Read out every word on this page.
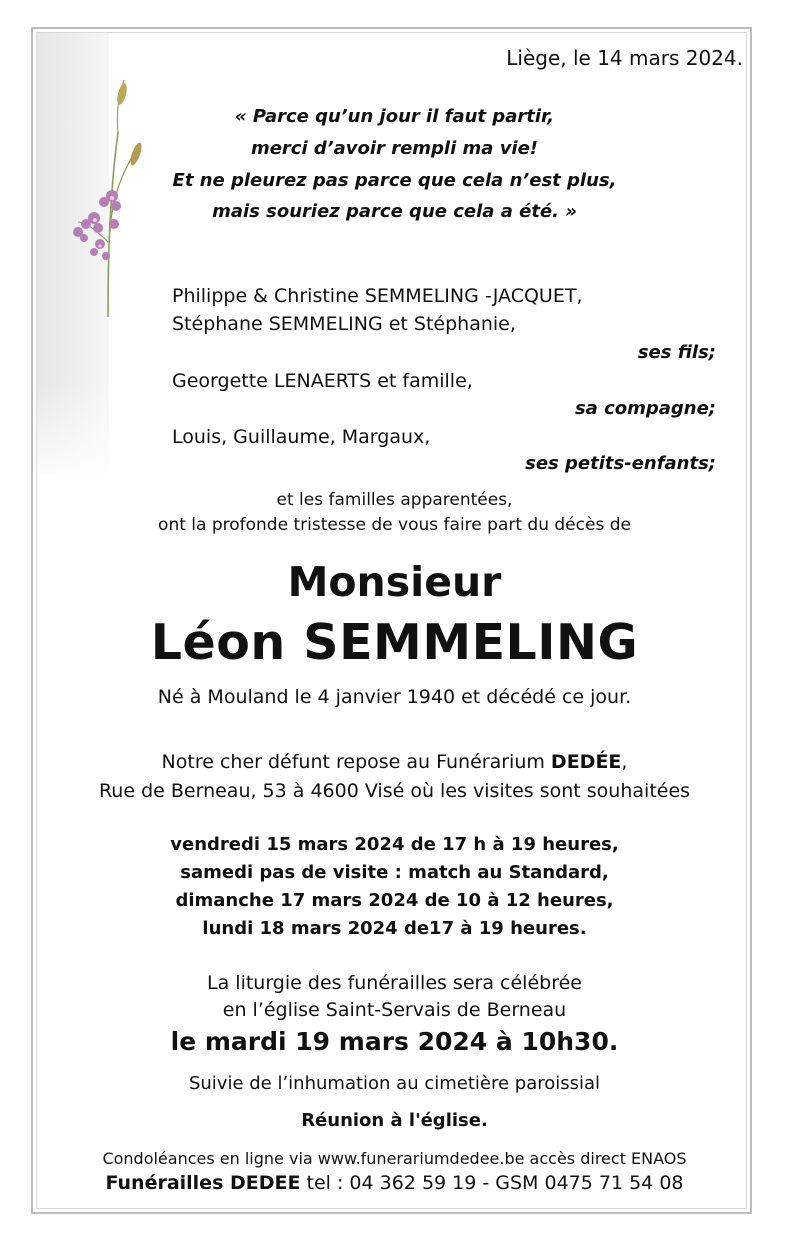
Liège, le 14 mars 2024.
« Parce qu’un jour il faut partir,
merci d’avoir rempli ma vie!
Et ne pleurez pas parce que cela n’est plus,
mais souriez parce que cela a été. »
Philippe & Christine SEMMELING -JACQUET,
Stéphane SEMMELING et Stéphanie,
ses fils;
Georgette LENAERTS et famille,
sa compagne;
Louis, Guillaume, Margaux,
ses petits-enfants;
et les familles apparentées,
ont la profonde tristesse de vous faire part du décès de
Monsieur
Léon SEMMELING
Né à Mouland le 4 janvier 1940 et décédé ce jour.
Notre cher défunt repose au Funérarium DEDÉE,
Rue de Berneau, 53 à 4600 Visé où les visites sont souhaitées
vendredi 15 mars 2024 de 17 h à 19 heures,
samedi pas de visite : match au Standard,
dimanche 17 mars 2024 de 10 à 12 heures,
lundi 18 mars 2024 de17 à 19 heures.
La liturgie des funérailles sera célébrée
en l’église Saint-Servais de Berneau
le mardi 19 mars 2024 à 10h30.
Suivie de l’inhumation au cimetière paroissial
Réunion à l'église.
Condoléances en ligne via www.funerariumdedee.be accès direct ENAOS
Funérailles DEDEE tel : 04 362 59 19 - GSM 0475 71 54 08
